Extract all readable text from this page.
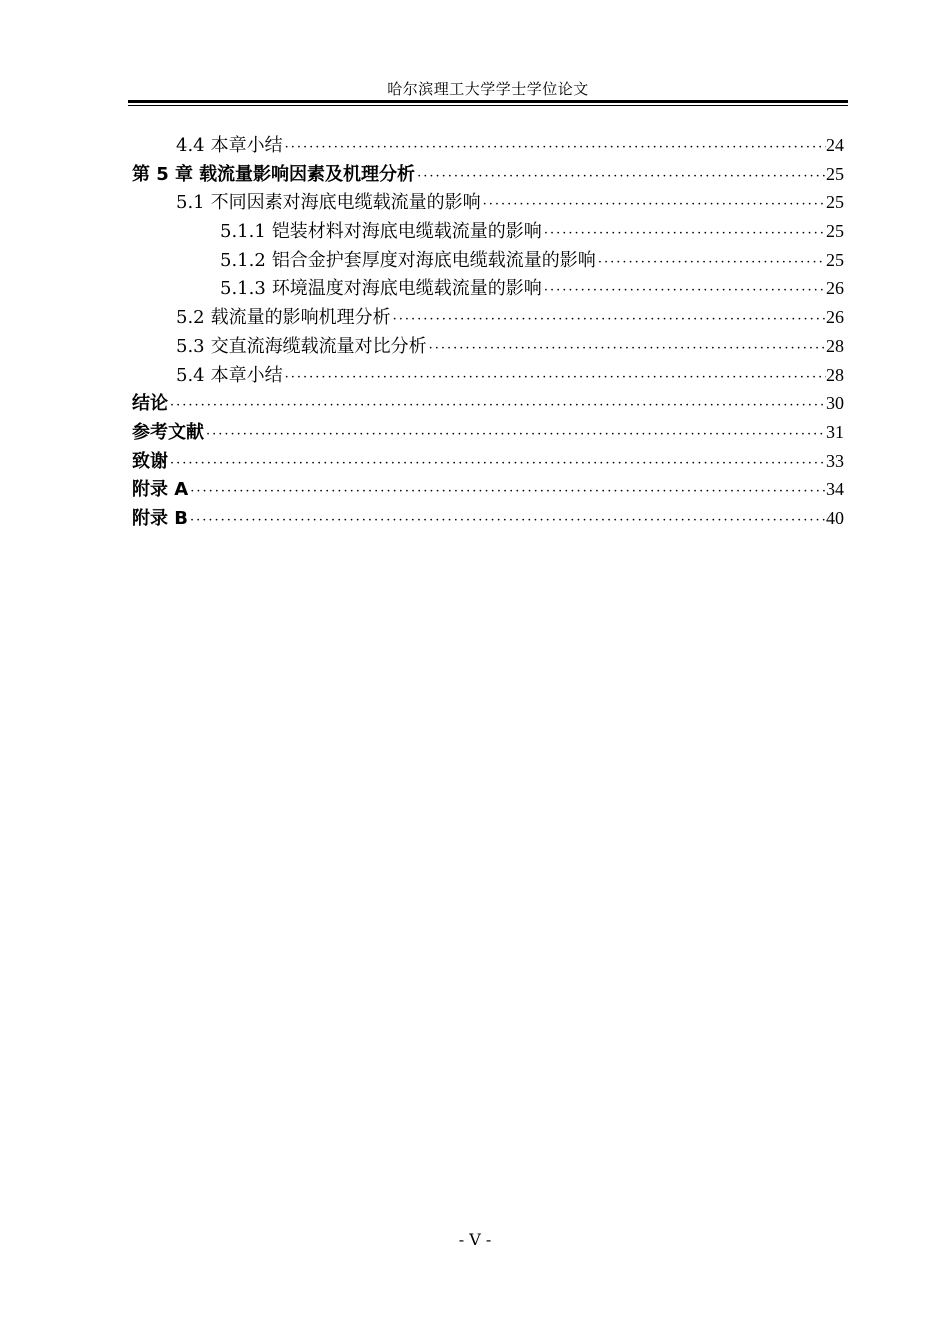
哈尔滨理工大学学士学位论文
4.4 本章小结 ·····	24
第 5 章 载流量影响因素及机理分析 ·····	25
5.1 不同因素对海底电缆载流量的影响 ·····	25
5.1.1 铠装材料对海底电缆载流量的影响 ·····	25
5.1.2 铝合金护套厚度对海底电缆载流量的影响 ·····	25
5.1.3 环境温度对海底电缆载流量的影响 ·····	26
5.2 载流量的影响机理分析 ·····	26
5.3 交直流海缆载流量对比分析 ·····	28
5.4 本章小结 ·····	28
结论 ·····	30
参考文献 ·····	31
致谢 ·····	33
附录 A ·····	34
附录 B ·····	40
- V -
